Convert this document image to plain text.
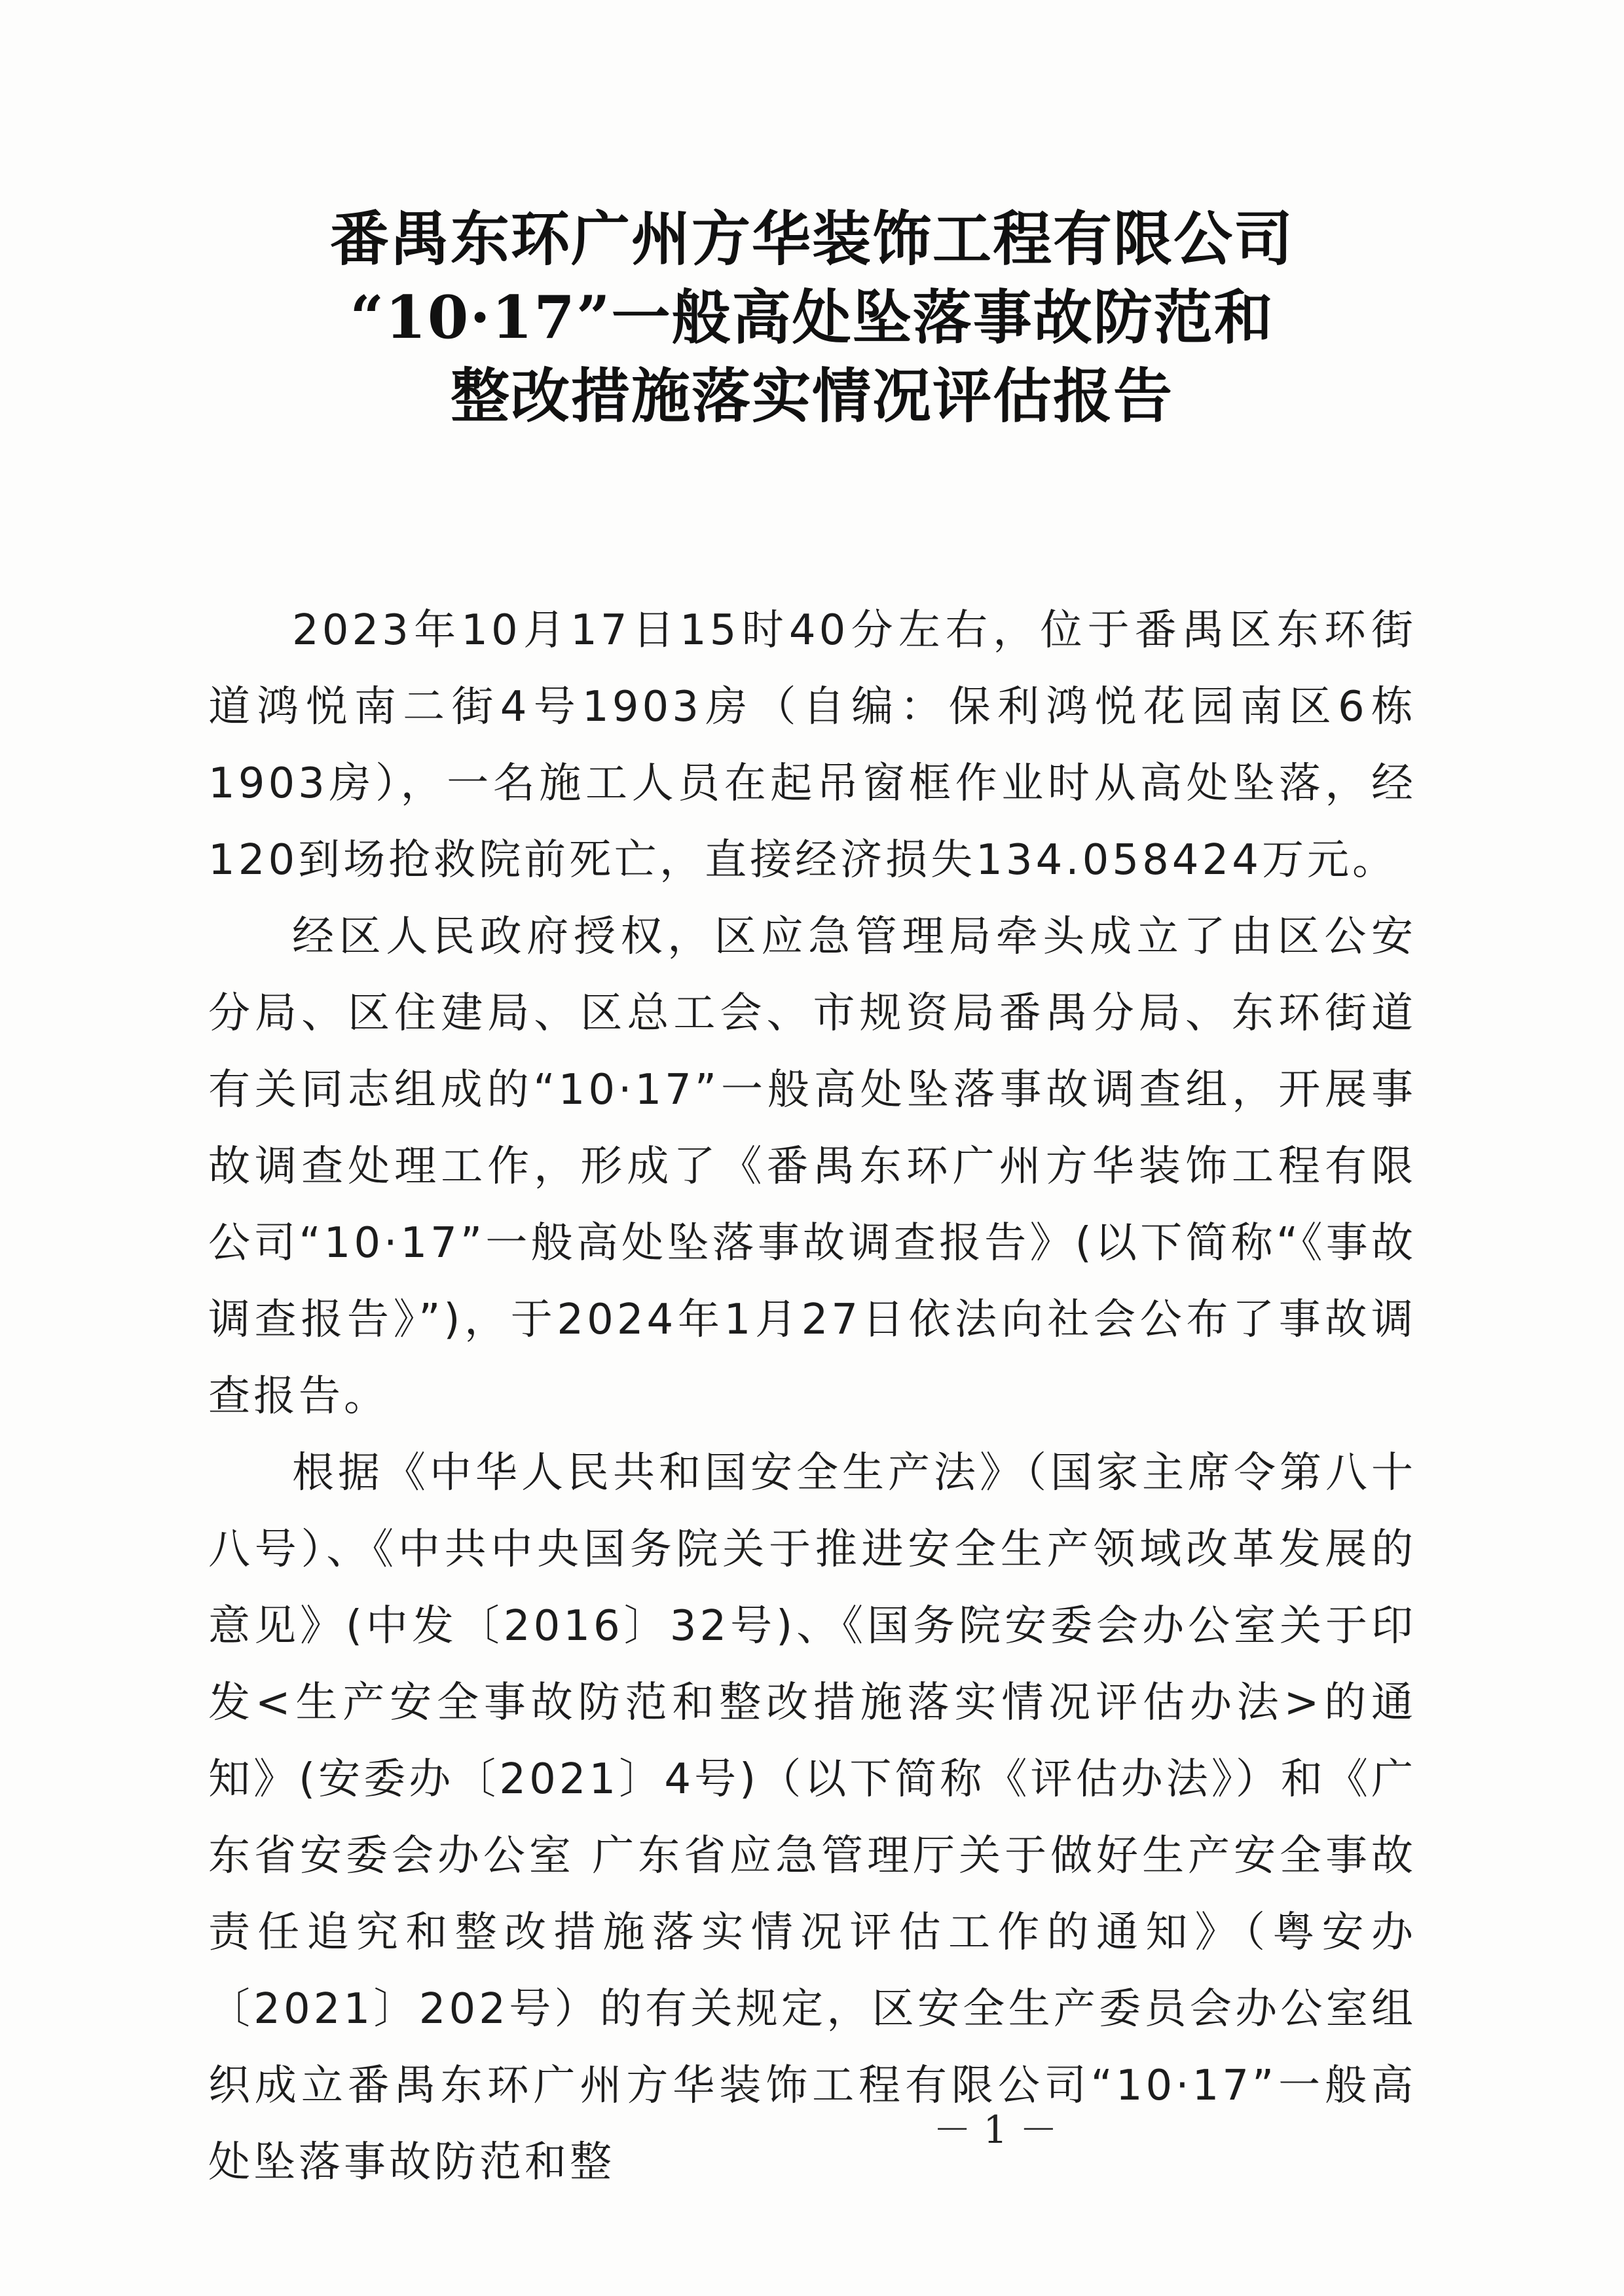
番禺东环广州方华装饰工程有限公司
“10·17”一般高处坠落事故防范和
整改措施落实情况评估报告

2023年10月17日15时40分左右，位于番禺区东环街道鸿悦南二街4号1903房（自编：保利鸿悦花园南区6栋1903房），一名施工人员在起吊窗框作业时从高处坠落，经120到场抢救院前死亡，直接经济损失134.058424万元。

经区人民政府授权，区应急管理局牵头成立了由区公安分局、区住建局、区总工会、市规资局番禺分局、东环街道有关同志组成的“10·17”一般高处坠落事故调查组，开展事故调查处理工作，形成了《番禺东环广州方华装饰工程有限公司“10·17”一般高处坠落事故调查报告》(以下简称“《事故调查报告》”)，于2024年1月27日依法向社会公布了事故调查报告。

根据《中华人民共和国安全生产法》（国家主席令第八十八号）、《中共中央国务院关于推进安全生产领域改革发展的意见》(中发〔2016〕32号)、《国务院安委会办公室关于印发<生产安全事故防范和整改措施落实情况评估办法>的通知》(安委办〔2021〕4号)（以下简称《评估办法》）和《广东省安委会办公室 广东省应急管理厅关于做好生产安全事故责任追究和整改措施落实情况评估工作的通知》（粤安办〔2021〕202号）的有关规定，区安全生产委员会办公室组织成立番禺东环广州方华装饰工程有限公司“10·17”一般高处坠落事故防范和整

－ 1 －
